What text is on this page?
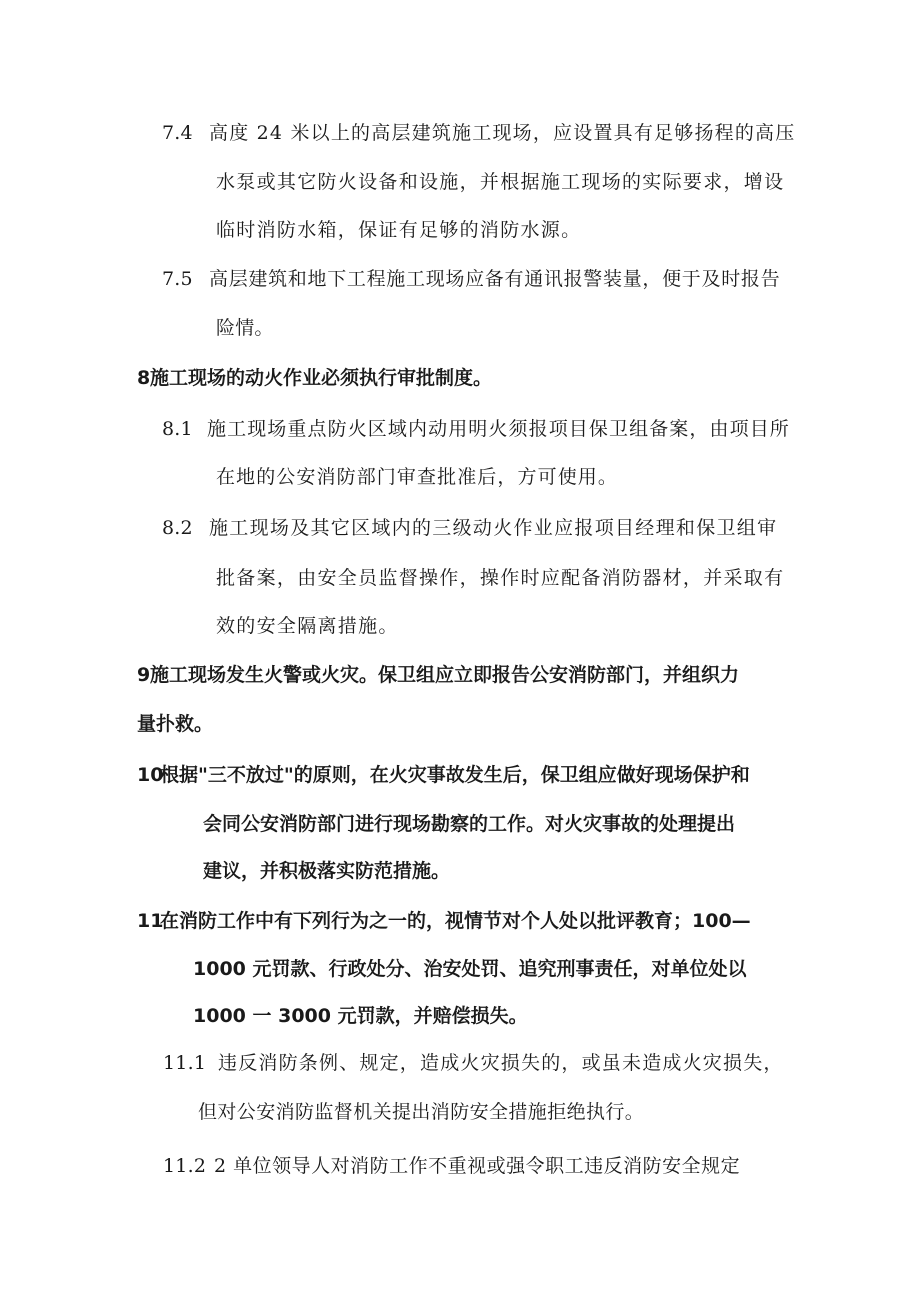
7.4 高度 24 米以上的高层建筑施工现场，应设置具有足够扬程的高压
水泵或其它防火设备和设施，并根据施工现场的实际要求，增设
临时消防水箱，保证有足够的消防水源。
7.5 高层建筑和地下工程施工现场应备有通讯报警装量，便于及时报告
险情。
8 施工现场的动火作业必须执行审批制度。
8.1 施工现场重点防火区域内动用明火须报项目保卫组备案，由项目所
在地的公安消防部门审查批准后，方可使用。
8.2 施工现场及其它区域内的三级动火作业应报项目经理和保卫组审
批备案，由安全员监督操作，操作时应配备消防器材，并采取有
效的安全隔离措施。
9 施工现场发生火警或火灾。保卫组应立即报告公安消防部门，并组织力
量扑救。
10
根据"三不放过"的原则，在火灾事故发生后，保卫组应做好现场保护和
会同公安消防部门进行现场勘察的工作。对火灾事故的处理提出
建议，并积极落实防范措施。
11
在消防工作中有下列行为之一的，视情节对个人处以批评教育；100—
1000 元罚款、行政处分、治安处罚、追究刑事责任，对单位处以
1000 一 3000 元罚款，并赔偿损失。
11.1 违反消防条例、规定，造成火灾损失的，或虽未造成火灾损失，
但对公安消防监督机关提出消防安全措施拒绝执行。
11.2 2 单位领导人对消防工作不重视或强令职工违反消防安全规定
